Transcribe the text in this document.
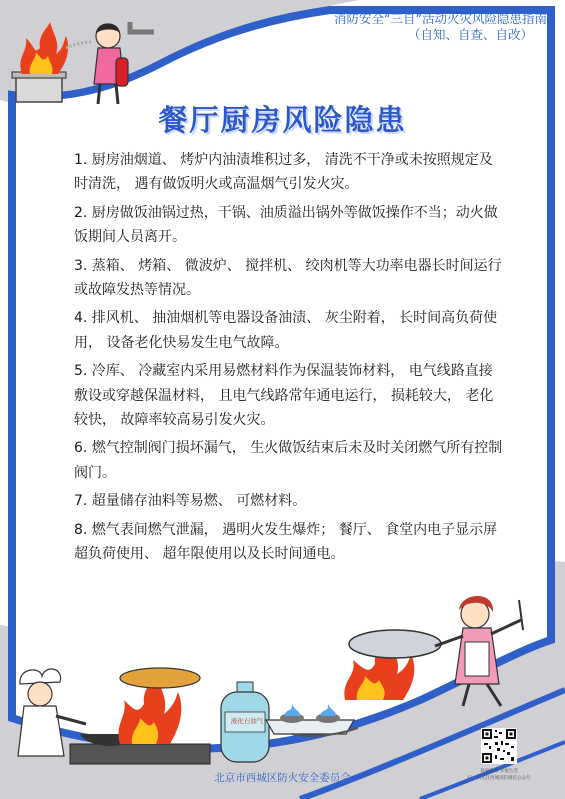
消防安全“三自”活动火灾风险隐患指南
（自知、自查、自改）
餐厅厨房风险隐患
1. 厨房油烟道、 烤炉内油渍堆积过多， 清洗不干净或未按照规定及时清洗， 遇有做饭明火或高温烟气引发火灾。
2. 厨房做饭油锅过热，干锅、油质溢出锅外等做饭操作不当；动火做饭期间人员离开。
3. 蒸箱、 烤箱、 微波炉、 搅拌机、 绞肉机等大功率电器长时间运行或故障发热等情况。
4. 排风机、 抽油烟机等电器设备油渍、 灰尘附着， 长时间高负荷使用， 设备老化快易发生电气故障。
5. 冷库、 冷藏室内采用易燃材料作为保温装饰材料， 电气线路直接敷设或穿越保温材料， 且电气线路常年通电运行， 损耗较大， 老化较快， 故障率较高易引发火灾。
6. 燃气控制阀门损坏漏气， 生火做饭结束后未及时关闭燃气所有控制阀门。
7. 超量储存油料等易燃、 可燃材料。
8. 燃气表间燃气泄漏， 遇明火发生爆炸； 餐厅、 食堂内电子显示屏超负荷使用、 超年限使用以及长时间通电。
液化石油气
珍爱生命 幸福生活
扫一扫关注西城消防微信公众号
北京市西城区防火安全委员会
